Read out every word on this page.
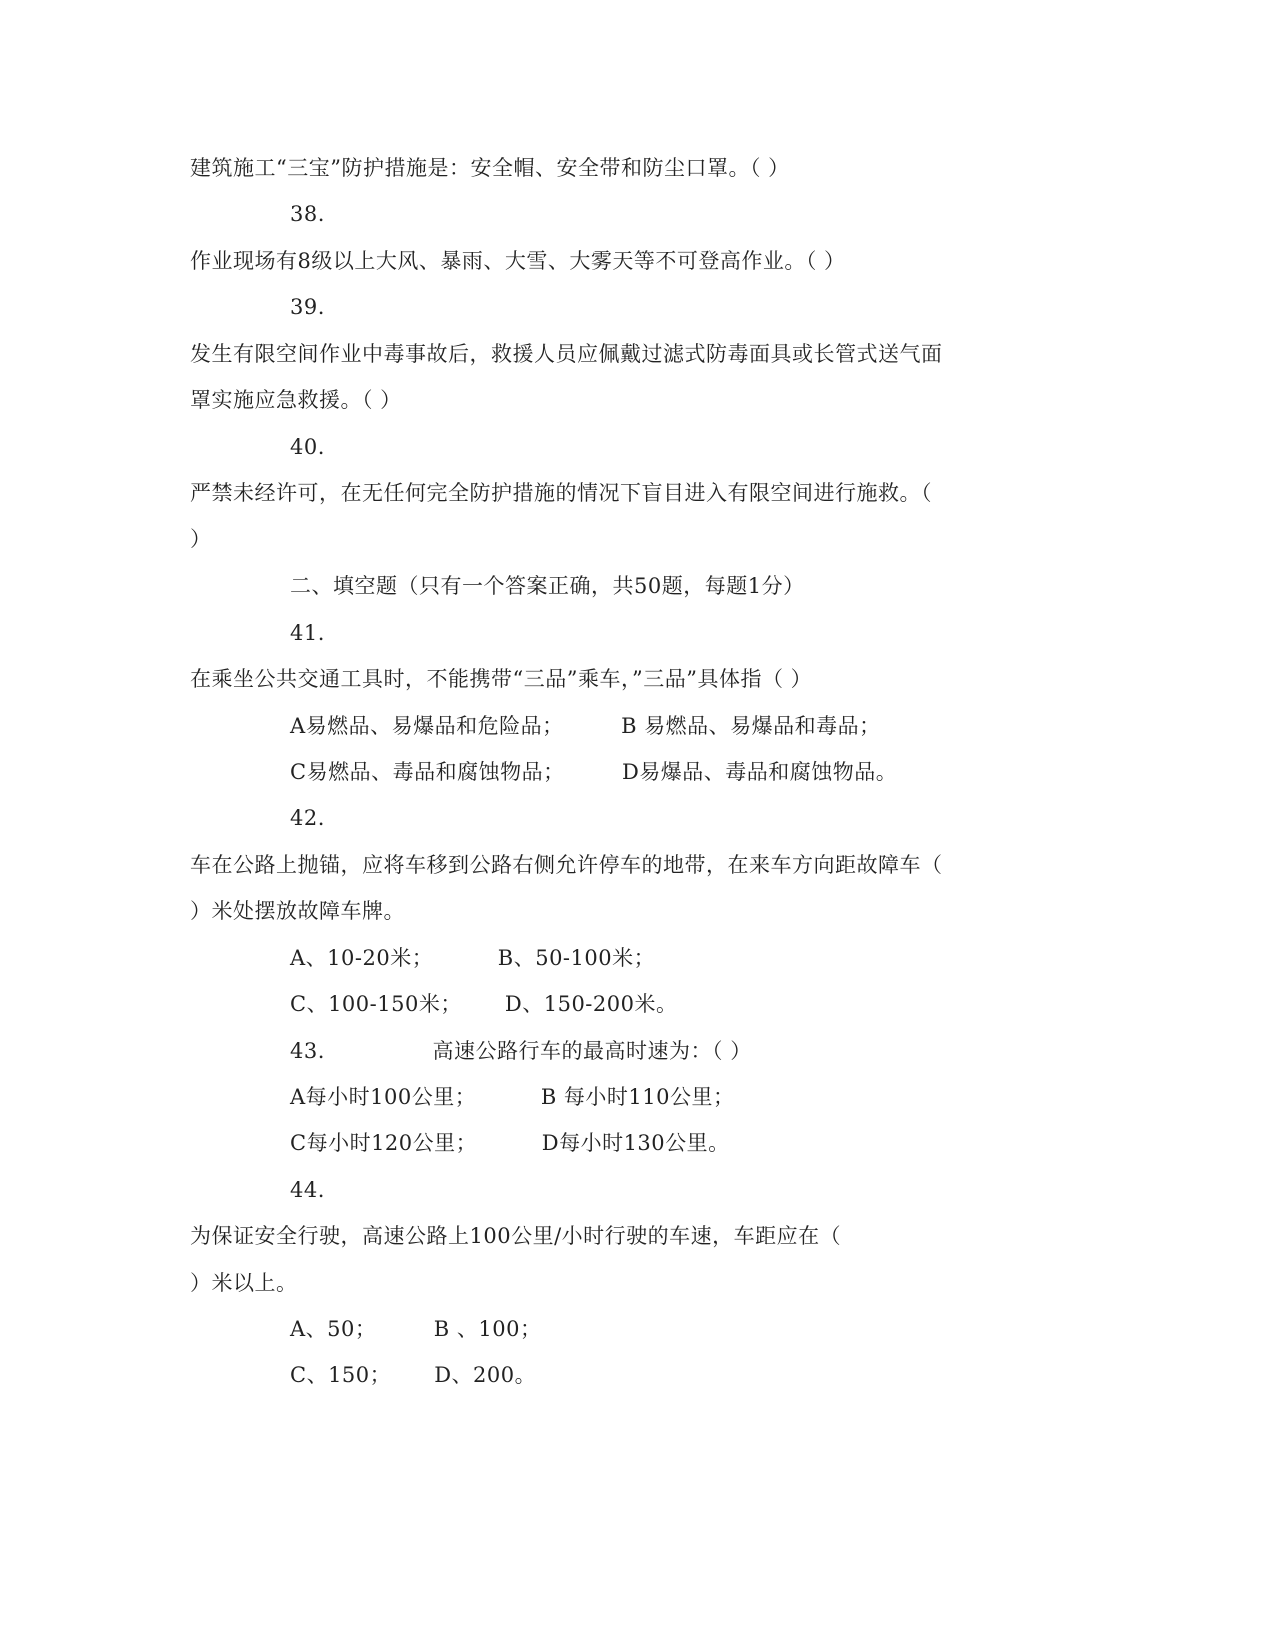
建筑施工“三宝”防护措施是：安全帽、安全带和防尘口罩。（ ）
38.
作业现场有8级以上大风、暴雨、大雪、大雾天等不可登高作业。（ ）
39.
发生有限空间作业中毒事故后，救援人员应佩戴过滤式防毒面具或长管式送气面
罩实施应急救援。（ ）
40.
严禁未经许可，在无任何完全防护措施的情况下盲目进入有限空间进行施救。（
）
二、填空题（只有一个答案正确，共50题，每题1分）
41.
在乘坐公共交通工具时，不能携带“三品”乘车，”三品”具体指（ ）
A易燃品、易爆品和危险品；        B 易燃品、易爆品和毒品；
C易燃品、毒品和腐蚀物品；        D易爆品、毒品和腐蚀物品。
42.
车在公路上抛锚，应将车移到公路右侧允许停车的地带，在来车方向距故障车（
）米处摆放故障车牌。
A、10-20米；         B、50-100米；
C、100-150米；      D、150-200米。
43.               高速公路行车的最高时速为：（ ）
A每小时100公里；         B 每小时110公里；
C每小时120公里；         D每小时130公里。
44.
为保证安全行驶，高速公路上100公里/小时行驶的车速，车距应在（
）米以上。
A、50；        B 、100；
C、150；      D、200。
